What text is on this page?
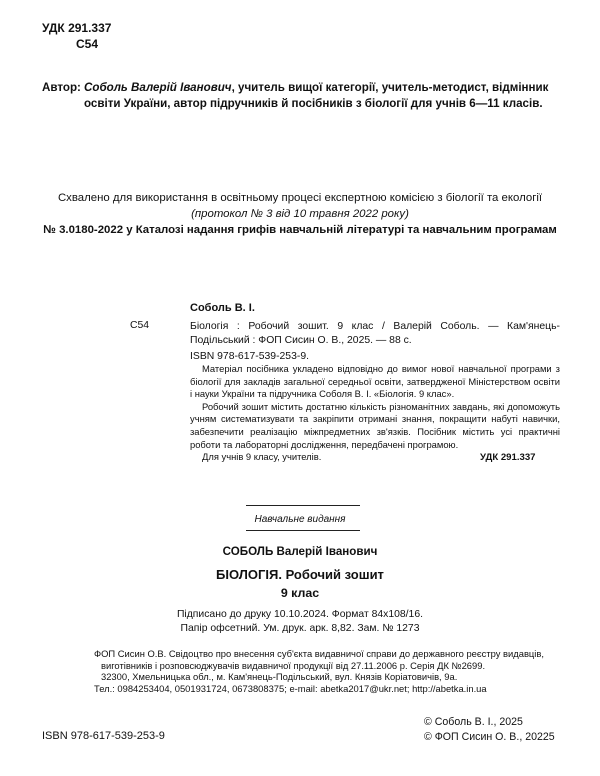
УДК 291.337
С54
Автор: Соболь Валерій Іванович, учитель вищої категорії, учитель-методист, відмінник освіти України, автор підручників й посібників з біології для учнів 6—11 класів.
Схвалено для використання в освітньому процесі експертною комісією з біології та екології
(протокол № 3 від 10 травня 2022 року)
№ 3.0180-2022 у Каталозі надання грифів навчальній літературі та навчальним програмам
Соболь В. І.
С54	Біологія : Робочий зошит. 9 клас / Валерій Соболь. — Кам'янець-Подільський : ФОП Сисин О. В., 2025. — 88 с.
ISBN 978-617-539-253-9.

Матеріал посібника укладено відповідно до вимог нової навчальної програми з біології для закладів загальної середньої освіти, затвердженої Міністерством освіти і науки України та підручника Соболя В. І. «Біологія. 9 клас».

Робочий зошит містить достатню кількість різноманітних завдань, які допоможуть учням систематизувати та закріпити отримані знання, покращити набуті навички, забезпечити реалізацію міжпредметних зв'язків. Посібник містить усі практичні роботи та лабораторні дослідження, передбачені програмою.

Для учнів 9 класу, учителів.	УДК 291.337
Навчальне видання
СОБОЛЬ Валерій Іванович
БІОЛОГІЯ. Робочий зошит
9 клас
Підписано до друку 10.10.2024. Формат 84х108/16.
Папір офсетний. Ум. друк. арк. 8,82. Зам. № 1273
ФОП Сисин О.В. Свідоцтво про внесення суб'єкта видавничої справи до державного реєстру видавців,
виготівників і розповсюджувачів видавничої продукції від 27.11.2006 р. Серія ДК №2699.
32300, Хмельницька обл., м. Кам'янець-Подільський, вул. Князів Коріатовичів, 9а.
Тел.: 0984253404, 0501931724, 0673808375; e-mail: abetka2017@ukr.net; http://abetka.in.ua
ISBN 978-617-539-253-9
© Соболь В. І., 2025
© ФОП Сисин О. В., 20225
